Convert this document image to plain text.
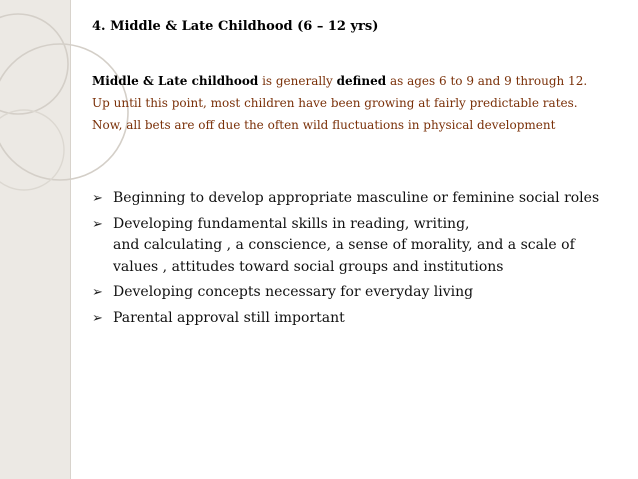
4. Middle & Late Childhood (6 – 12 yrs)
Middle & Late childhood is generally defined as ages 6 to 9 and 9 through 12.
Up until this point, most children have been growing at fairly predictable rates.
Now, all bets are off due the often wild fluctuations in physical development
➢ Beginning to develop appropriate masculine or feminine social roles
➢ Developing fundamental skills in reading, writing,
and calculating , a conscience, a sense of morality, and a scale of values , attitudes toward social groups and institutions
➢ Developing concepts necessary for everyday living
➢ Parental approval still important
